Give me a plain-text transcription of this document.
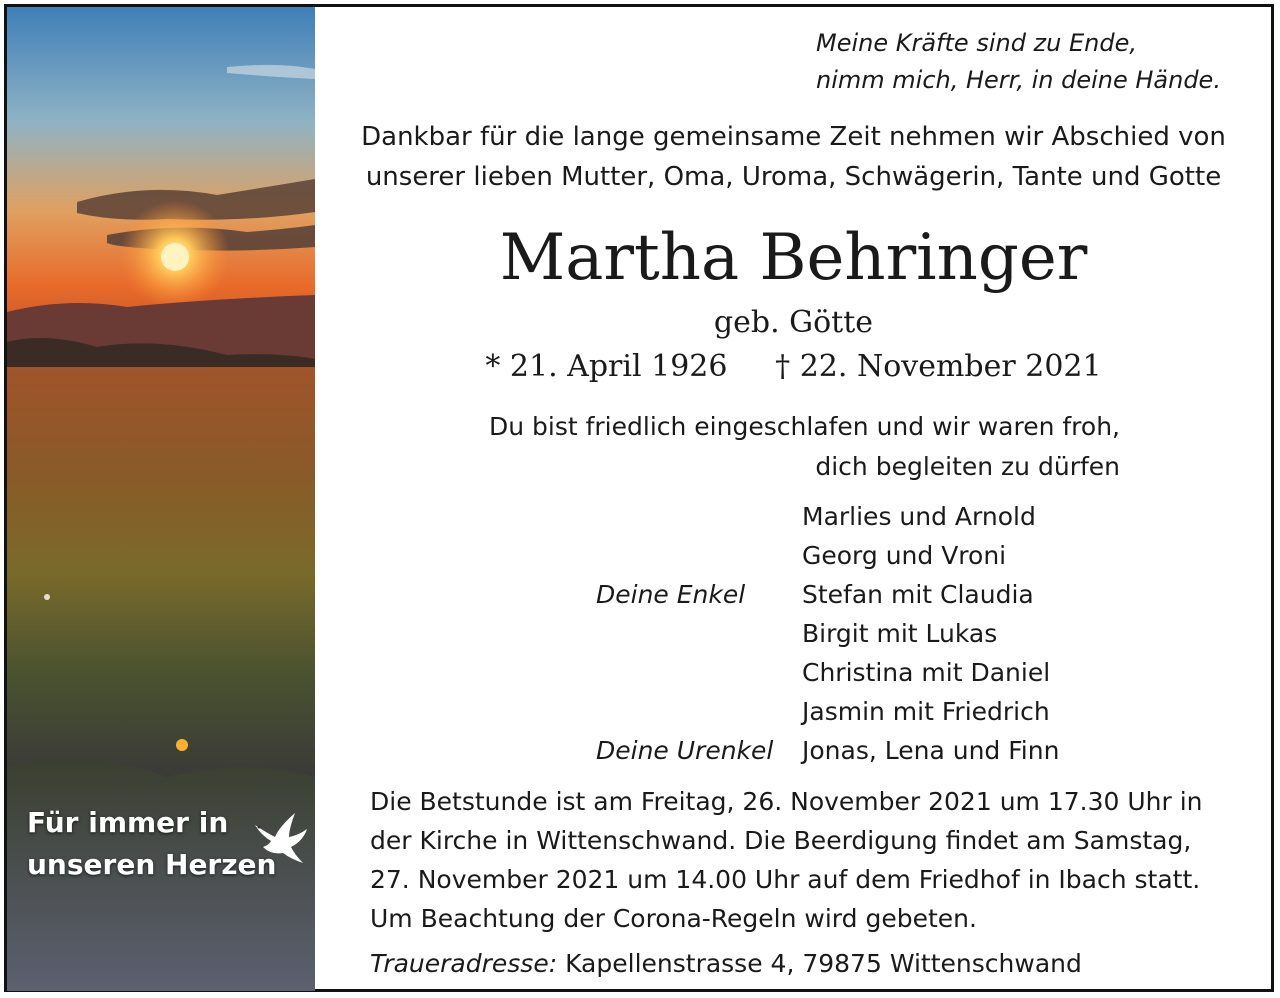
Für immer in
unseren Herzen
Meine Kräfte sind zu Ende,
nimm mich, Herr, in deine Hände.
Dankbar für die lange gemeinsame Zeit nehmen wir Abschied von
unserer lieben Mutter, Oma, Uroma, Schwägerin, Tante und Gotte
Martha Behringer
geb. Götte
* 21. April 1926 † 22. November 2021
Du bist friedlich eingeschlafen und wir waren froh,
dich begleiten zu dürfen
Deine Enkel
Deine Urenkel
Marlies und Arnold
Georg und Vroni
Stefan mit Claudia
Birgit mit Lukas
Christina mit Daniel
Jasmin mit Friedrich
Jonas, Lena und Finn
Die Betstunde ist am Freitag, 26. November 2021 um 17.30 Uhr in
der Kirche in Wittenschwand. Die Beerdigung findet am Samstag,
27. November 2021 um 14.00 Uhr auf dem Friedhof in Ibach statt.
Um Beachtung der Corona-Regeln wird gebeten.
Traueradresse: Kapellenstrasse 4, 79875 Wittenschwand
